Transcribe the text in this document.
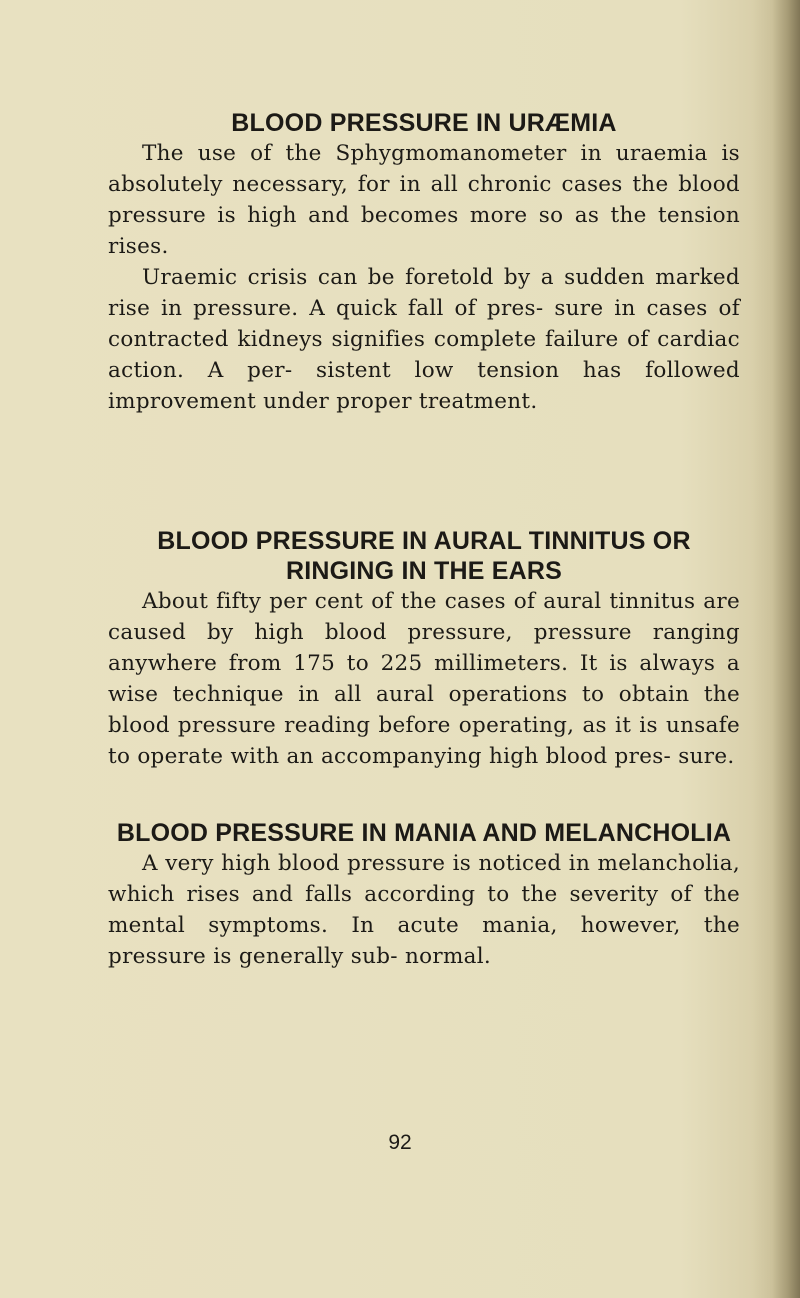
BLOOD PRESSURE IN URÆMIA

The use of the Sphygmomanometer in uraemia is absolutely necessary, for in all chronic cases the blood pressure is high and becomes more so as the tension rises.

Uraemic crisis can be foretold by a sudden marked rise in pressure. A quick fall of pres- sure in cases of contracted kidneys signifies complete failure of cardiac action. A per- sistent low tension has followed improvement under proper treatment.

BLOOD PRESSURE IN AURAL TINNITUS OR RINGING IN THE EARS

About fifty per cent of the cases of aural tinnitus are caused by high blood pressure, pressure ranging anywhere from 175 to 225 millimeters. It is always a wise technique in all aural operations to obtain the blood pressure reading before operating, as it is unsafe to operate with an accompanying high blood pres- sure.

BLOOD PRESSURE IN MANIA AND MELANCHOLIA

A very high blood pressure is noticed in melancholia, which rises and falls according to the severity of the mental symptoms. In acute mania, however, the pressure is generally sub- normal.

92
